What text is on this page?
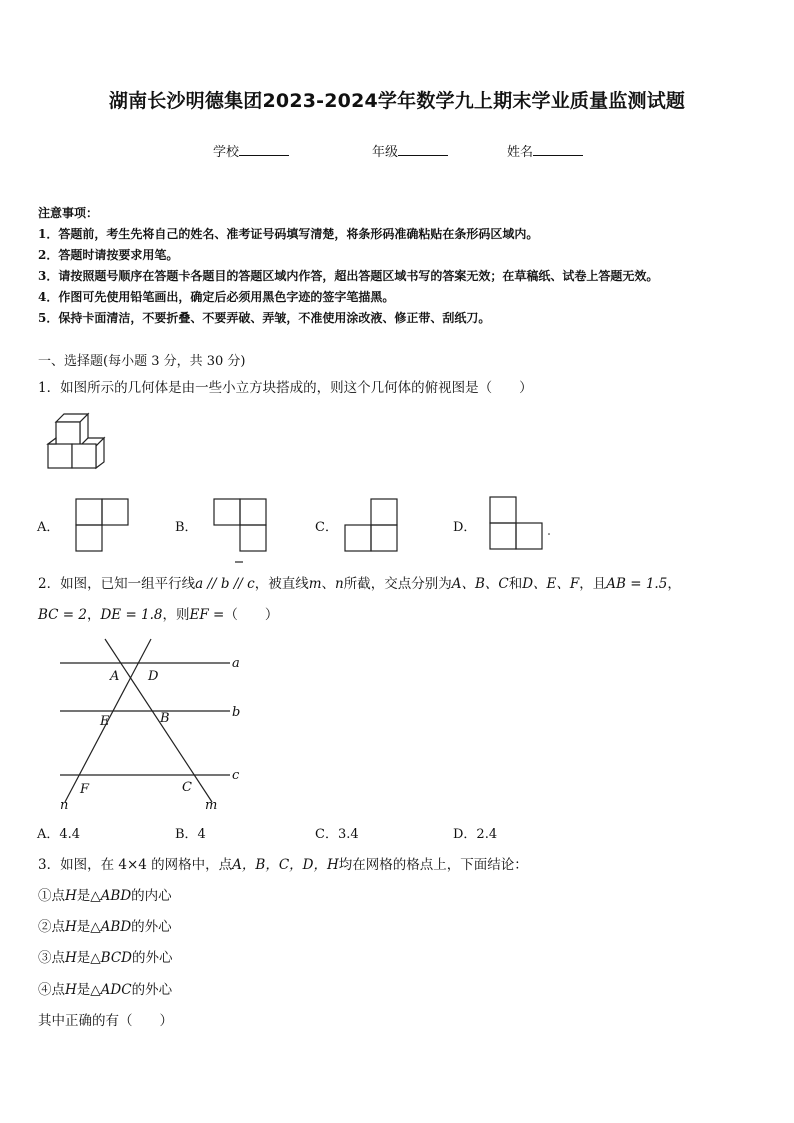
湖南长沙明德集团2023-2024学年数学九上期末学业质量监测试题
学校	年级	姓名
注意事项：
1．答题前，考生先将自己的姓名、准考证号码填写清楚，将条形码准确粘贴在条形码区域内。
2．答题时请按要求用笔。
3．请按照题号顺序在答题卡各题目的答题区域内作答，超出答题区域书写的答案无效；在草稿纸、试卷上答题无效。
4．作图可先使用铅笔画出，确定后必须用黑色字迹的签字笔描黑。
5．保持卡面清洁，不要折叠、不要弄破、弄皱，不准使用涂改液、修正带、刮纸刀。
一、选择题(每小题 3 分，共 30 分)
1．如图所示的几何体是由一些小立方块搭成的，则这个几何体的俯视图是（　　）
A．	B．	C．	D．
2．如图，已知一组平行线a // b // c，被直线m、n所截，交点分别为A、B、C和D、E、F，且AB = 1.5，
BC = 2，DE = 1.8，则EF =（　　）
a
b
c
A D
E	B
F	C
n	m
A．4.4	B．4	C．3.4	D．2.4
3．如图，在 4×4 的网格中，点A，B，C，D，H均在网格的格点上，下面结论：
①点H是△ABD的内心
②点H是△ABD的外心
③点H是△BCD的外心
④点H是△ADC的外心
其中正确的有（　　）
